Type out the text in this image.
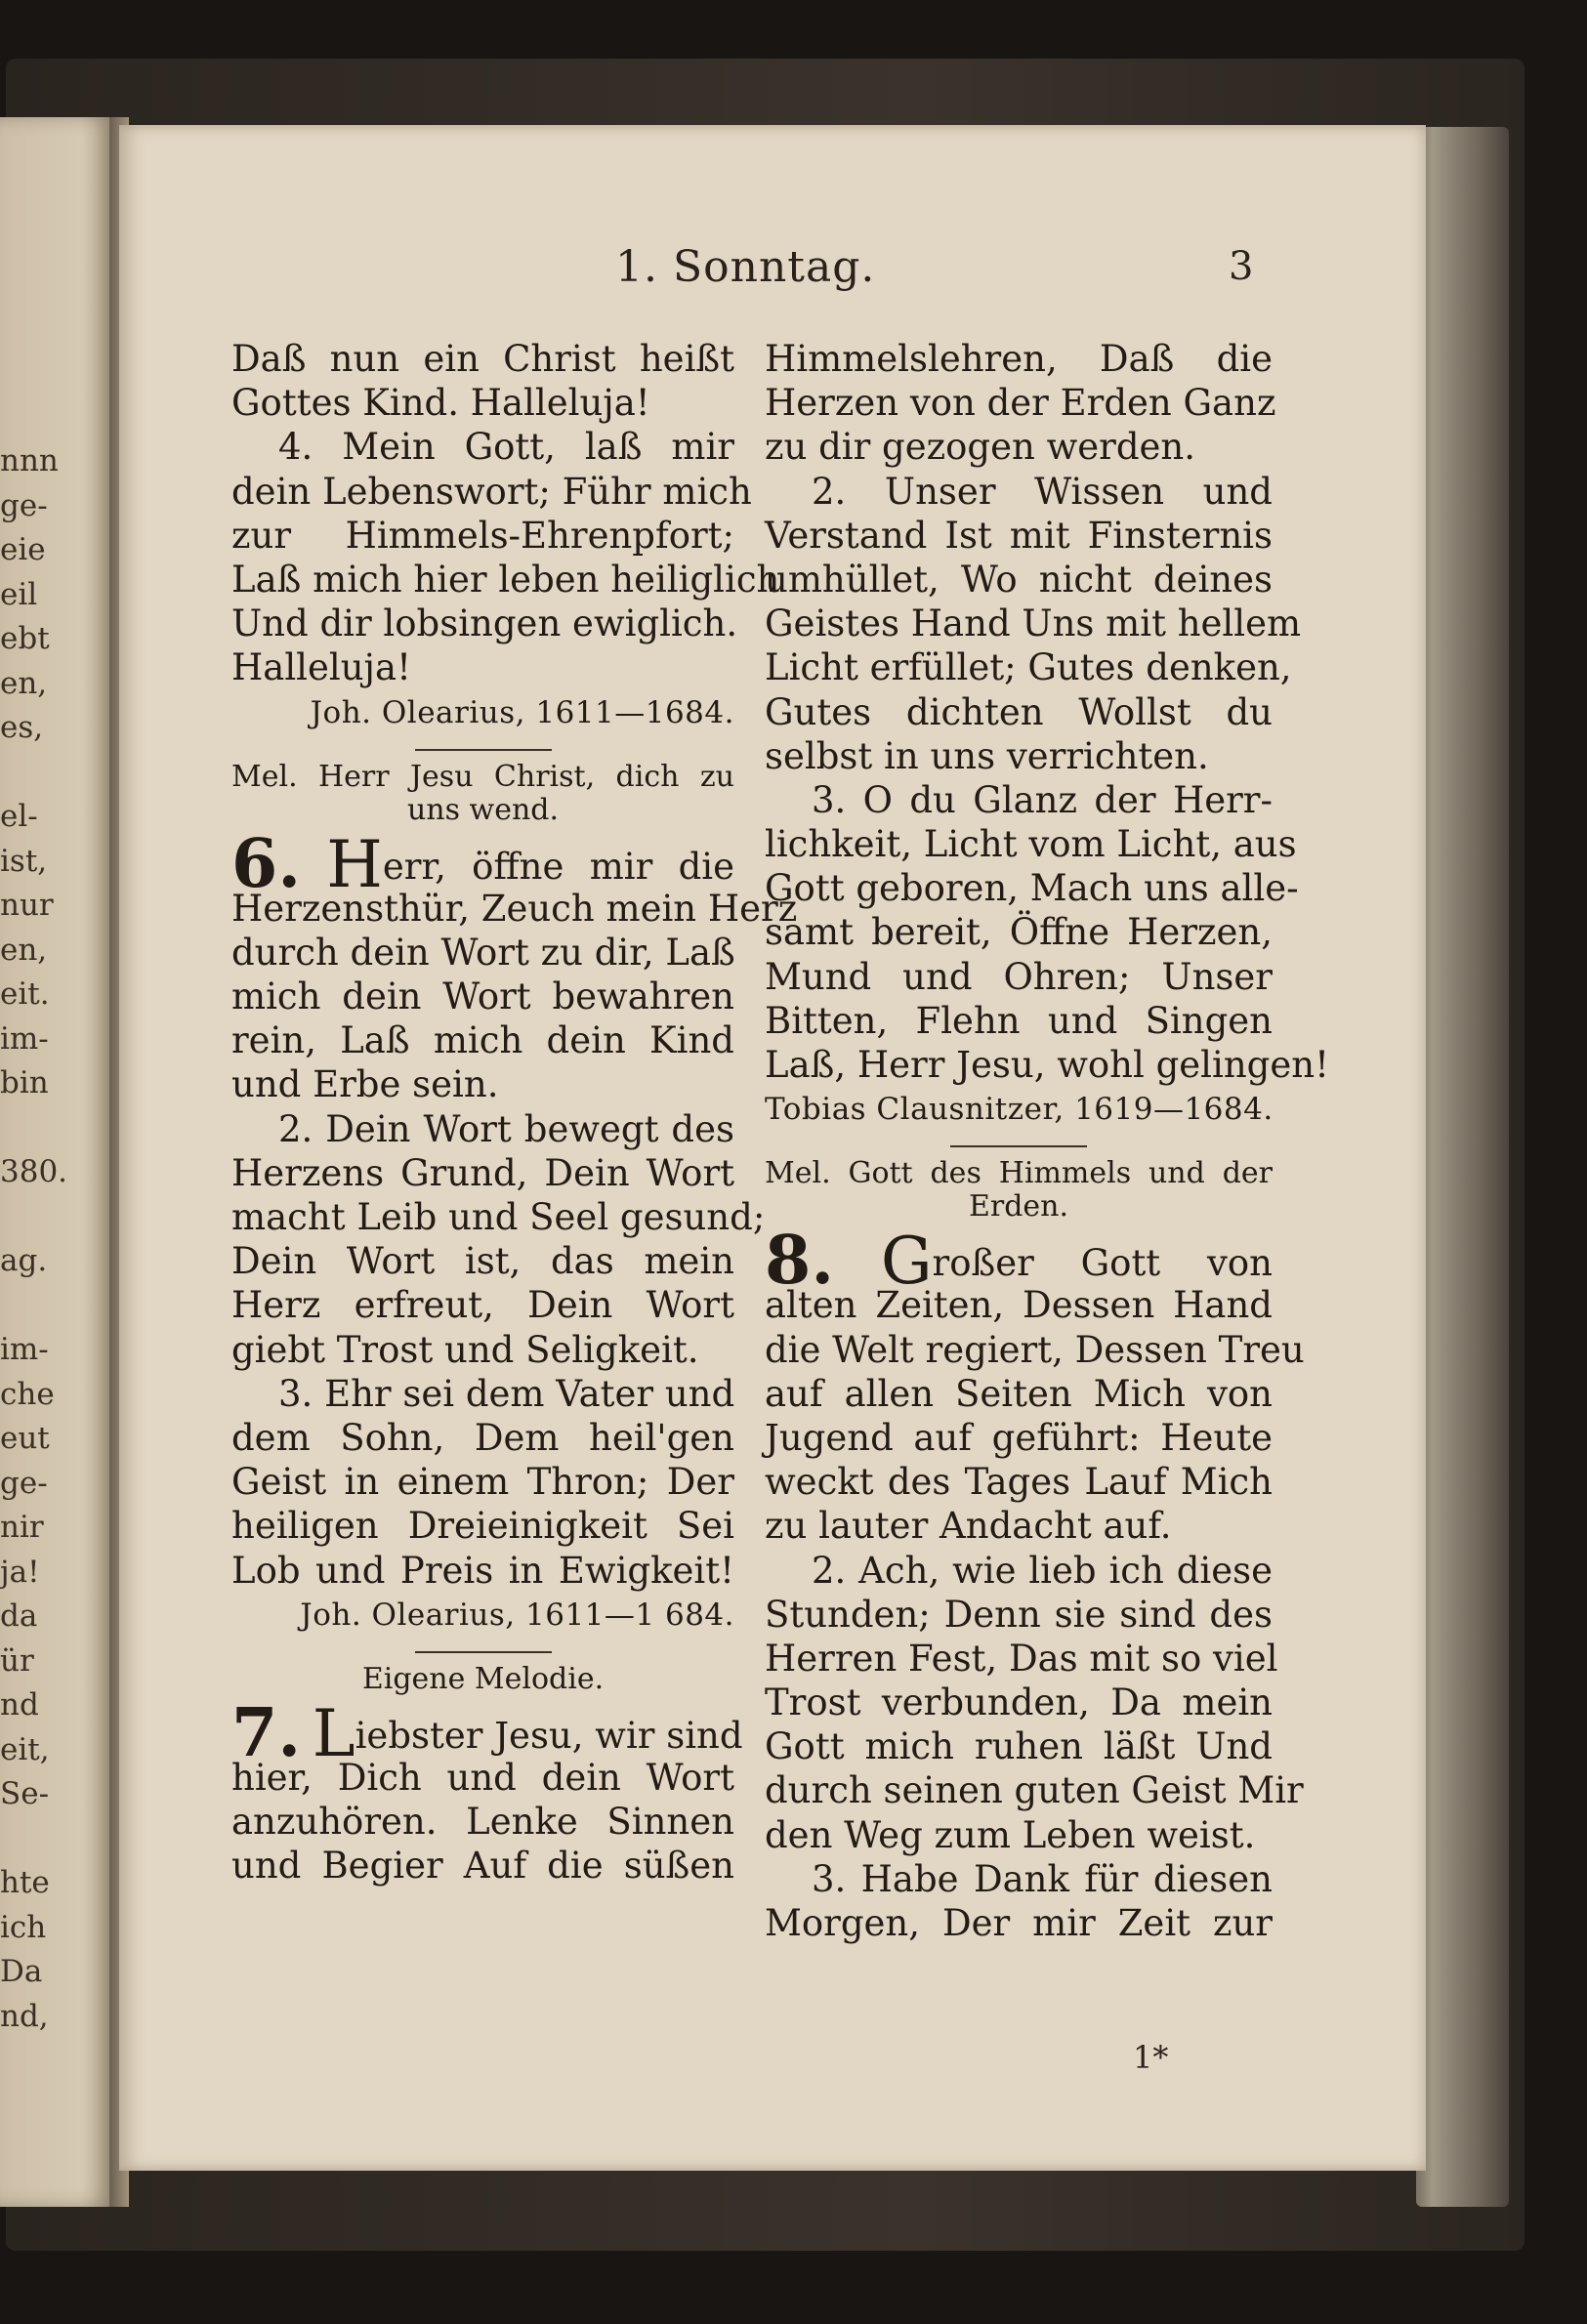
nnn
ge-
eie
eil
ebt
en,
es,
el-
ist,
nur
en,
eit.
im-
bin
380.
ag.
im-
che
eut
ge-
nir
ja!
da
ür
nd
eit,
Se-
hte
ich
Da
nd,
1. Sonntag.	3
Daß nun ein Christ heißt
Gottes Kind. Halleluja!
4. Mein Gott, laß mir
dein Lebenswort; Führ mich
zur Himmels-Ehrenpfort;
Laß mich hier leben heiliglich
Und dir lobsingen ewiglich.
Halleluja!
Joh. Olearius, 1611—1684.
Mel. Herr Jesu Christ, dich zu
uns wend.
6. Herr, öffne mir die
Herzensthür, Zeuch mein Herz
durch dein Wort zu dir, Laß
mich dein Wort bewahren
rein, Laß mich dein Kind
und Erbe sein.
2. Dein Wort bewegt des
Herzens Grund, Dein Wort
macht Leib und Seel gesund;
Dein Wort ist, das mein
Herz erfreut, Dein Wort
giebt Trost und Seligkeit.
3. Ehr sei dem Vater und
dem Sohn, Dem heil'gen
Geist in einem Thron; Der
heiligen Dreieinigkeit Sei
Lob und Preis in Ewigkeit!
Joh. Olearius, 1611—1 684.
Eigene Melodie.
7. Liebster Jesu, wir sind
hier, Dich und dein Wort
anzuhören. Lenke Sinnen
und Begier Auf die süßen
Himmelslehren, Daß die
Herzen von der Erden Ganz
zu dir gezogen werden.
2. Unser Wissen und
Verstand Ist mit Finsternis
umhüllet, Wo nicht deines
Geistes Hand Uns mit hellem
Licht erfüllet; Gutes denken,
Gutes dichten Wollst du
selbst in uns verrichten.
3. O du Glanz der Herr-
lichkeit, Licht vom Licht, aus
Gott geboren, Mach uns alle-
samt bereit, Öffne Herzen,
Mund und Ohren; Unser
Bitten, Flehn und Singen
Laß, Herr Jesu, wohl gelingen!
Tobias Clausnitzer, 1619—1684.
Mel. Gott des Himmels und der
Erden.
8. Großer Gott von
alten Zeiten, Dessen Hand
die Welt regiert, Dessen Treu
auf allen Seiten Mich von
Jugend auf geführt: Heute
weckt des Tages Lauf Mich
zu lauter Andacht auf.
2. Ach, wie lieb ich diese
Stunden; Denn sie sind des
Herren Fest, Das mit so viel
Trost verbunden, Da mein
Gott mich ruhen läßt Und
durch seinen guten Geist Mir
den Weg zum Leben weist.
3. Habe Dank für diesen
Morgen, Der mir Zeit zur
1*
